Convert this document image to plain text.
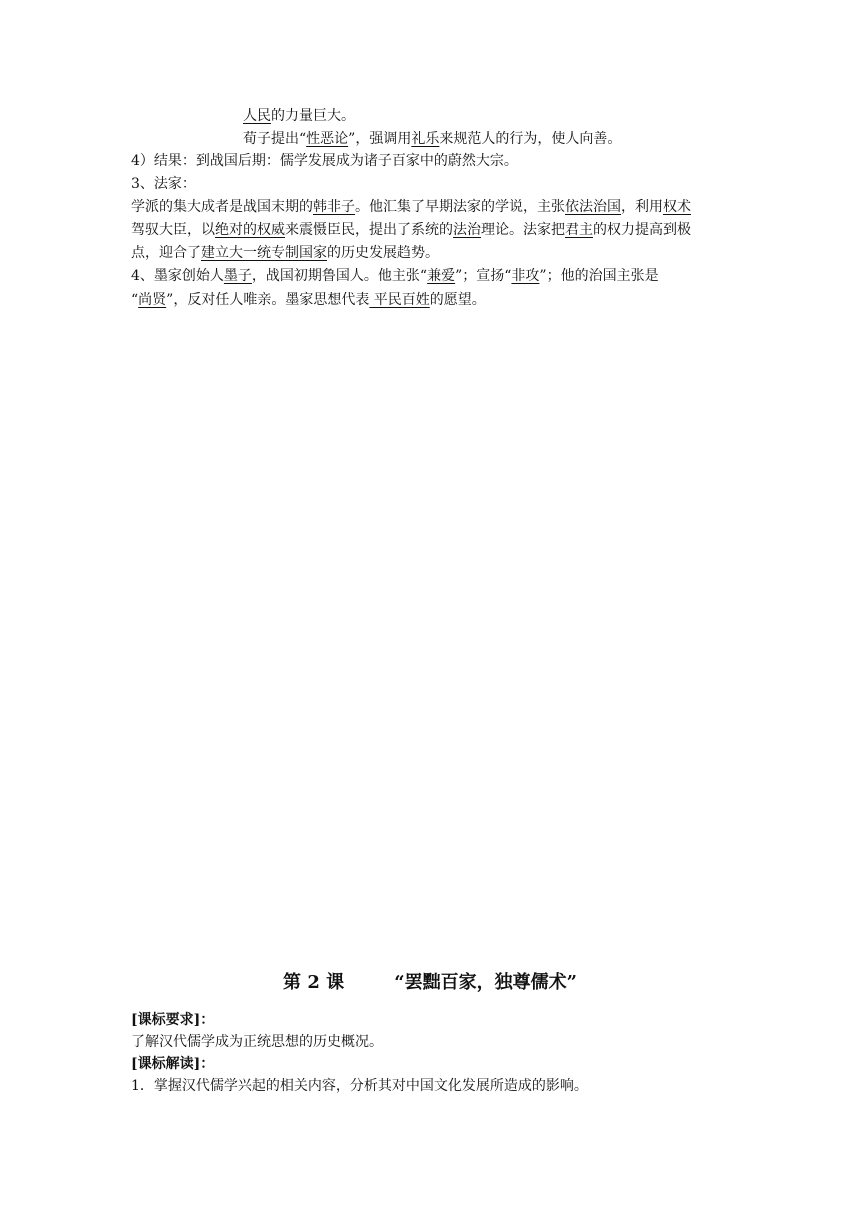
人民的力量巨大。
荀子提出“性恶论”，强调用礼乐来规范人的行为，使人向善。
4）结果：到战国后期：儒学发展成为诸子百家中的蔚然大宗。
3、法家：
学派的集大成者是战国末期的韩非子。他汇集了早期法家的学说，主张依法治国，利用权术
驾驭大臣，以绝对的权威来震慑臣民，提出了系统的法治理论。法家把君主的权力提高到极
点，迎合了建立大一统专制国家的历史发展趋势。
4、墨家创始人墨子，战国初期鲁国人。他主张“兼爱”；宣扬“非攻”；他的治国主张是
“尚贤”，反对任人唯亲。墨家思想代表 平民百姓的愿望。
第 2 课        “罢黜百家，独尊儒术”
[课标要求]：
了解汉代儒学成为正统思想的历史概况。
[课标解读]：
1．掌握汉代儒学兴起的相关内容，分析其对中国文化发展所造成的影响。
